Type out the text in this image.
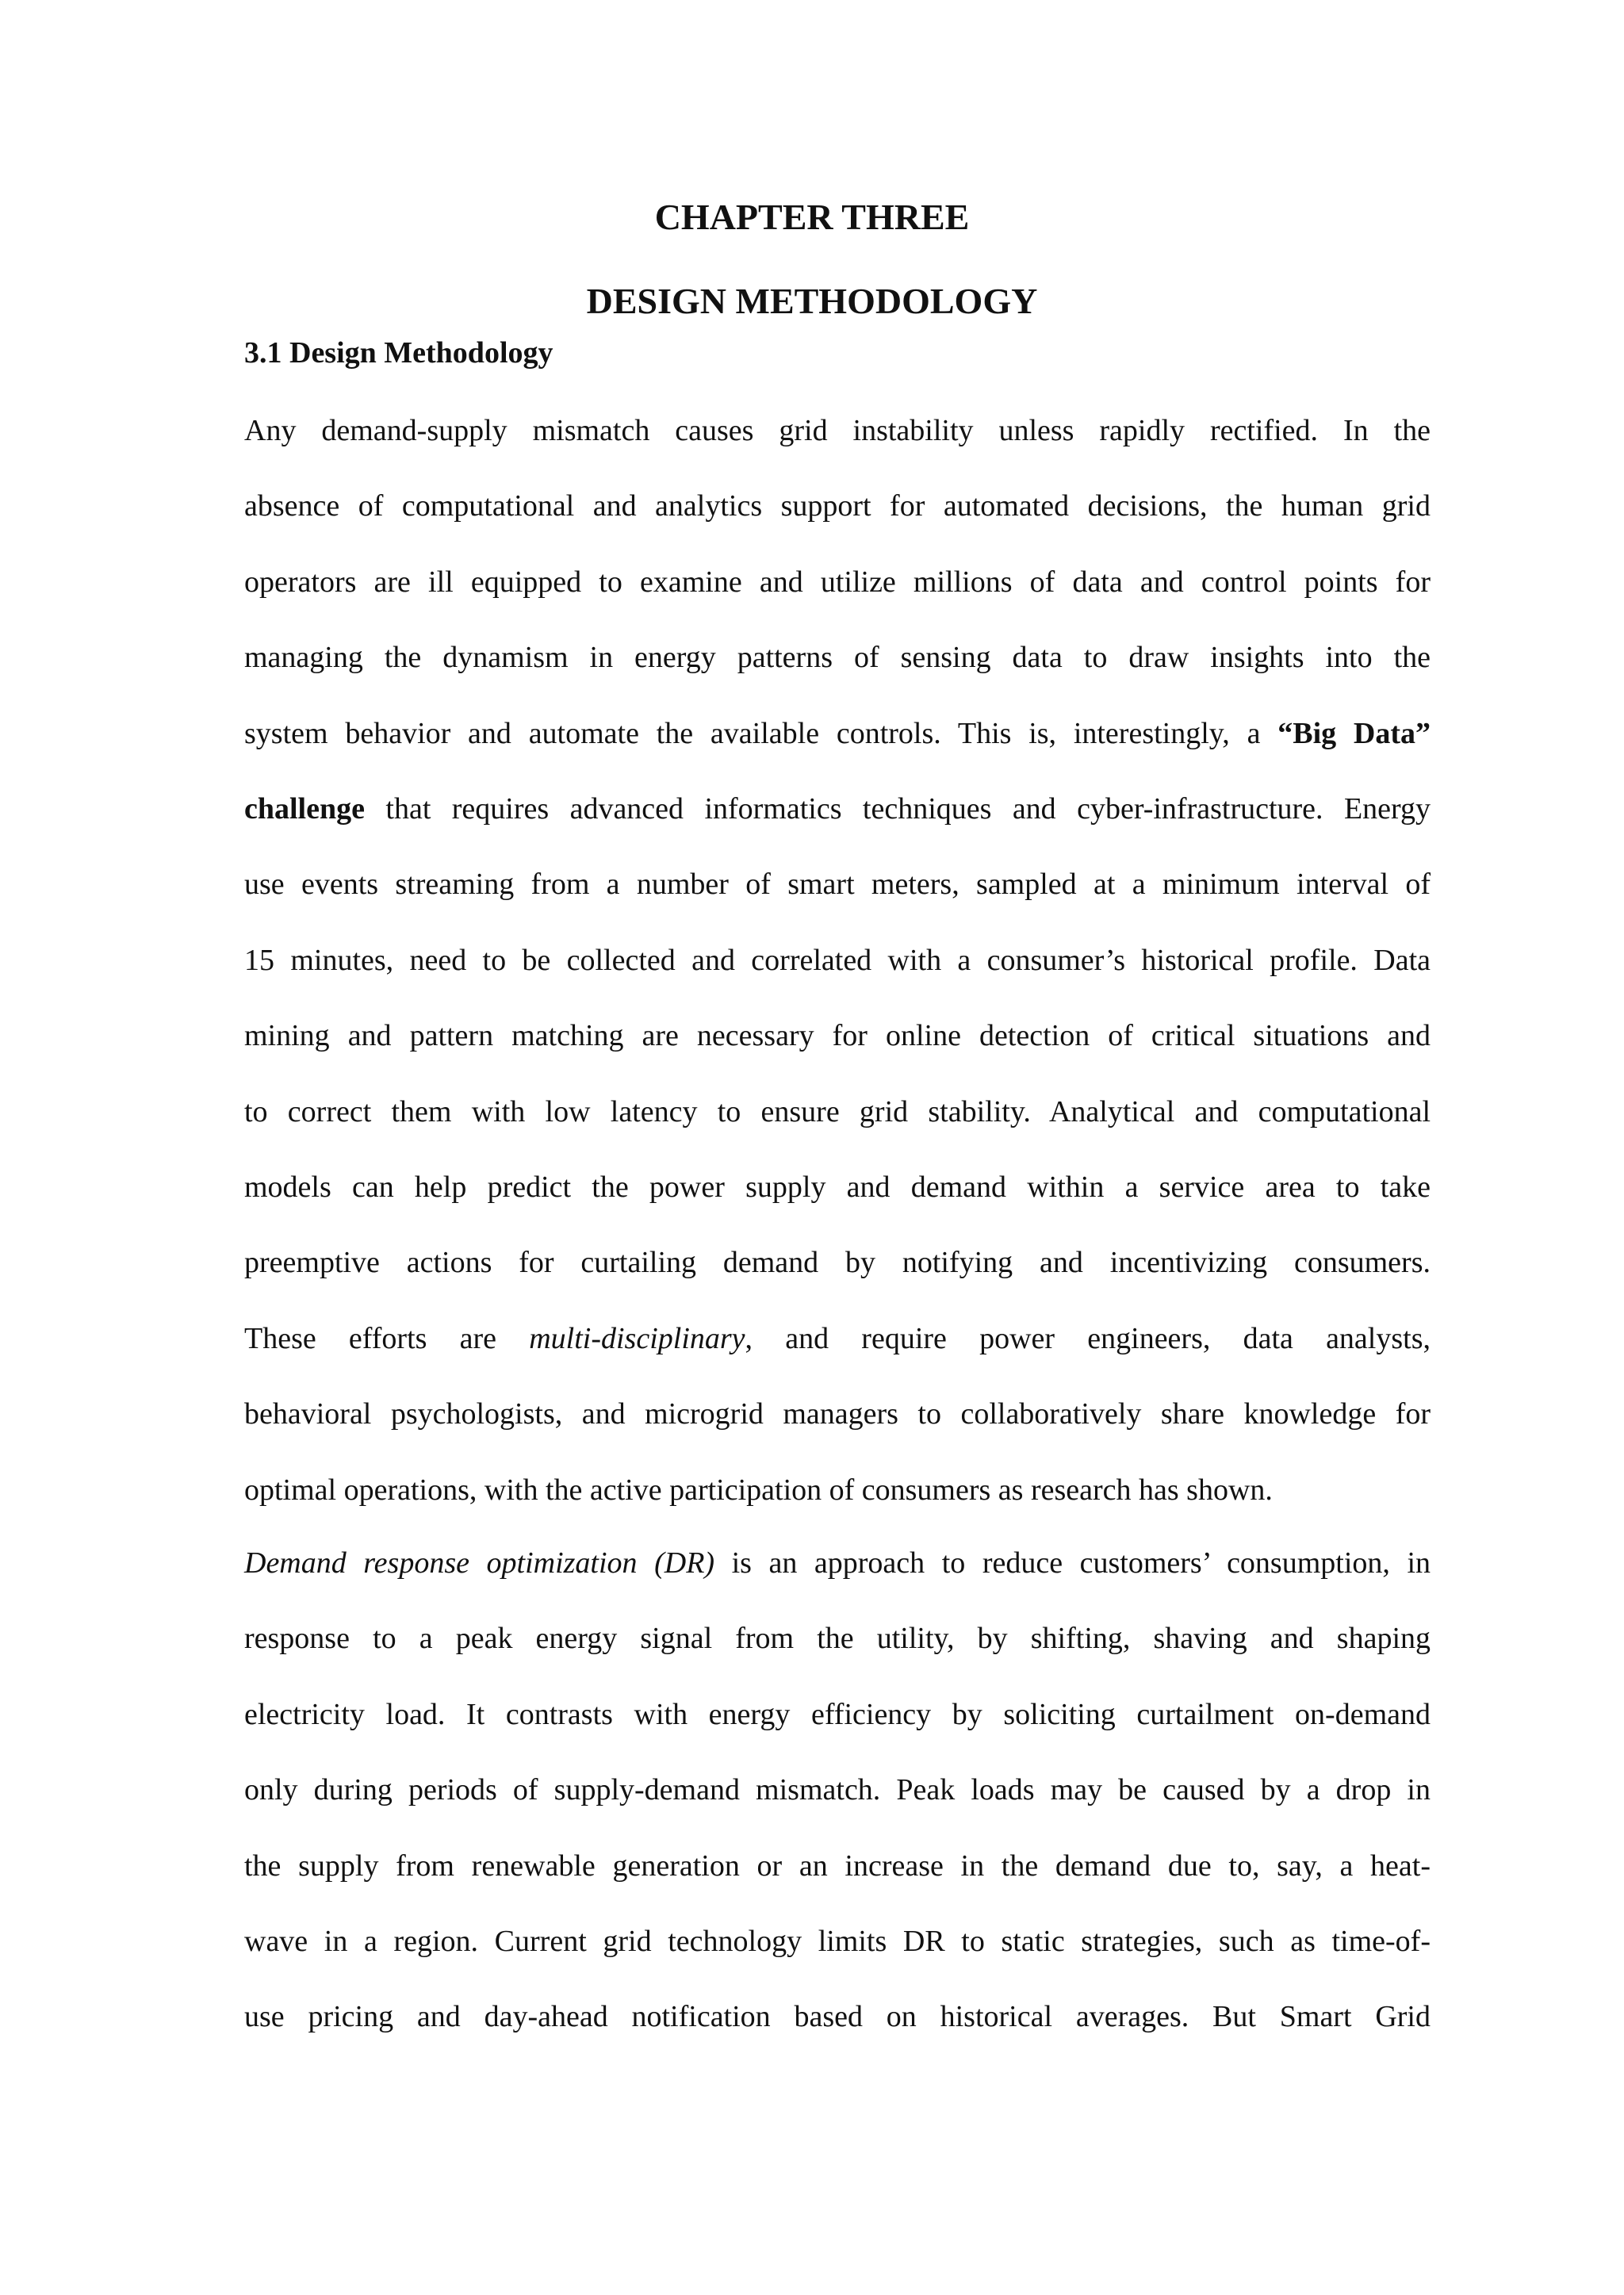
CHAPTER THREE
DESIGN METHODOLOGY
3.1 Design Methodology
Any demand-supply mismatch causes grid instability unless rapidly rectified. In the
absence of computational and analytics support for automated decisions, the human grid
operators are ill equipped to examine and utilize millions of data and control points for
managing the dynamism in energy patterns of sensing data to draw insights into the
system behavior and automate the available controls. This is, interestingly, a “Big Data”
challenge that requires advanced informatics techniques and cyber-infrastructure. Energy
use events streaming from a number of smart meters, sampled at a minimum interval of
15 minutes, need to be collected and correlated with a consumer’s historical profile. Data
mining and pattern matching are necessary for online detection of critical situations and
to correct them with low latency to ensure grid stability. Analytical and computational
models can help predict the power supply and demand within a service area to take
preemptive actions for curtailing demand by notifying and incentivizing consumers.
These efforts are multi-disciplinary, and require power engineers, data analysts,
behavioral psychologists, and microgrid managers to collaboratively share knowledge for
optimal operations, with the active participation of consumers as research has shown.
Demand response optimization (DR) is an approach to reduce customers’ consumption, in
response to a peak energy signal from the utility, by shifting, shaving and shaping
electricity load. It contrasts with energy efficiency by soliciting curtailment on-demand
only during periods of supply-demand mismatch. Peak loads may be caused by a drop in
the supply from renewable generation or an increase in the demand due to, say, a heat-
wave in a region. Current grid technology limits DR to static strategies, such as time-of-
use pricing and day-ahead notification based on historical averages. But Smart Grid
